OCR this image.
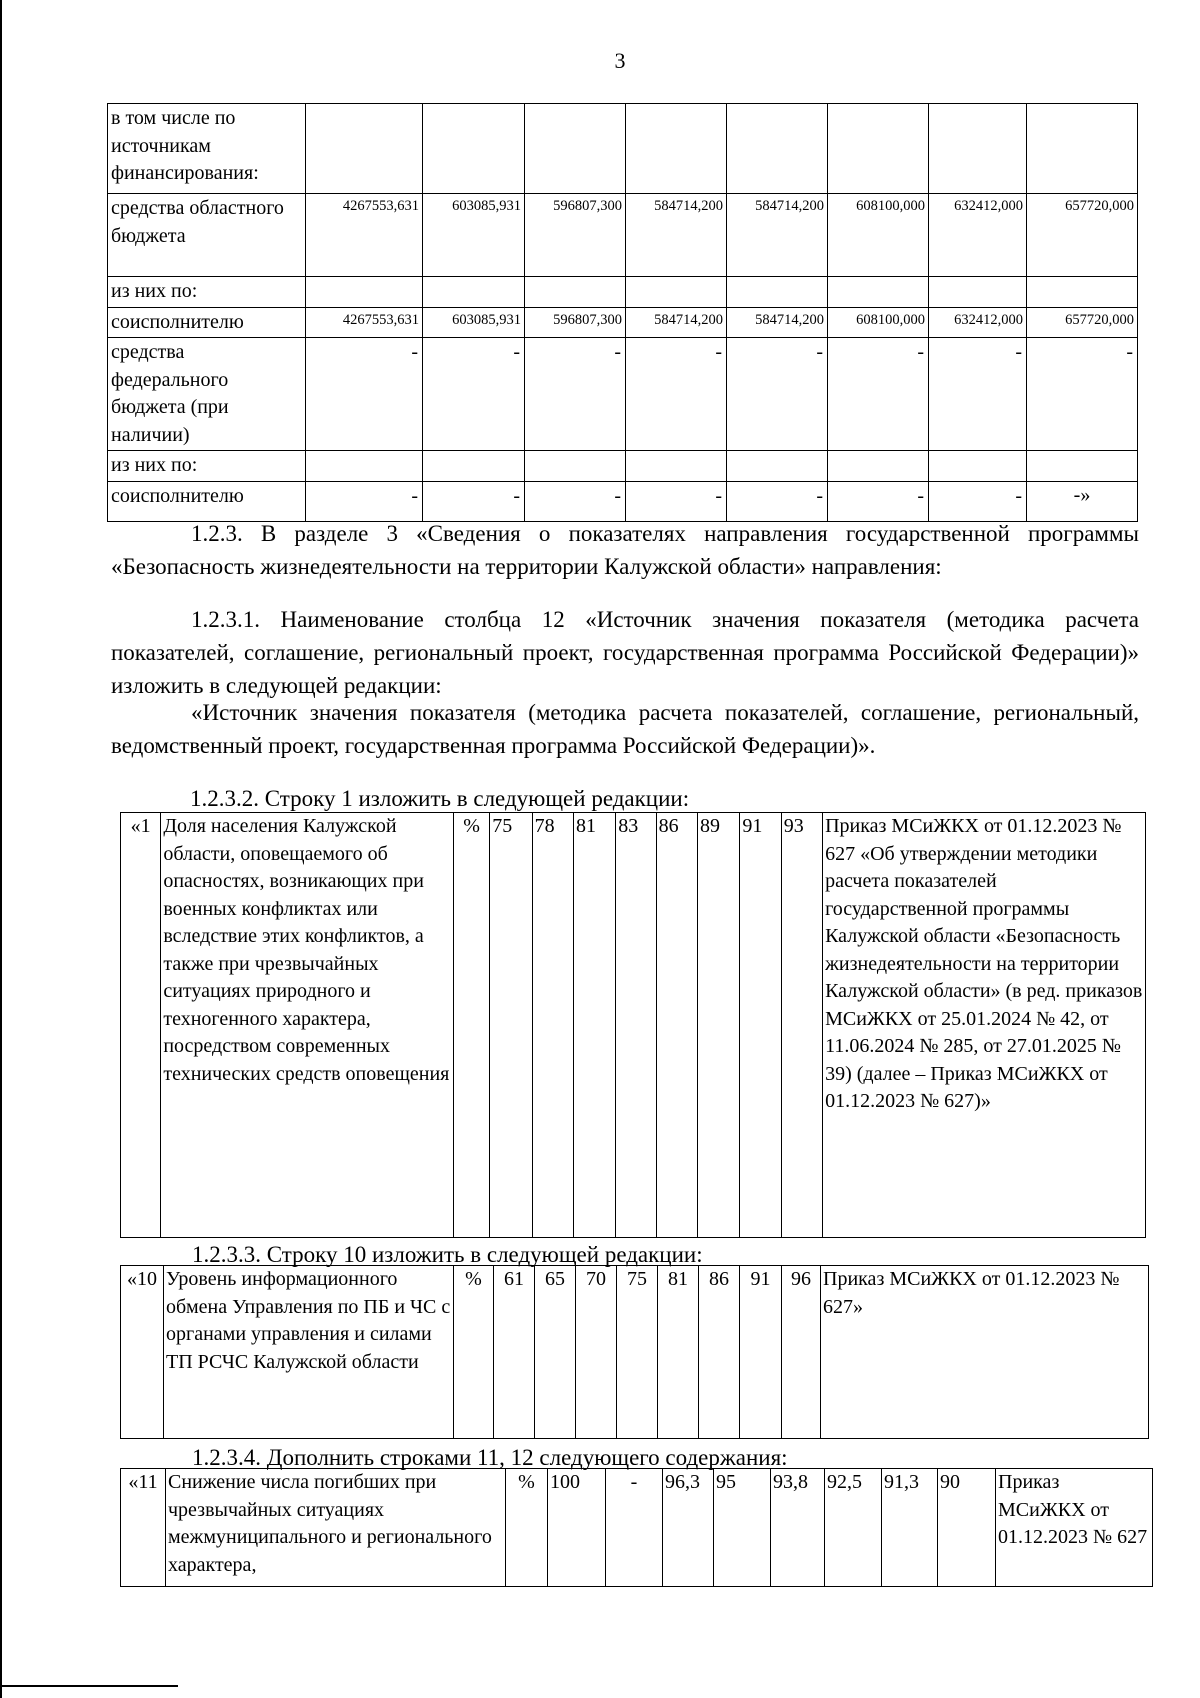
3
в том числе по источникам финансирования:								
средства областного бюджета	4267553,631	603085,931	596807,300	584714,200	584714,200	608100,000	632412,000	657720,000
из них по:								
соисполнителю	4267553,631	603085,931	596807,300	584714,200	584714,200	608100,000	632412,000	657720,000
средства федерального бюджета (при наличии)	-	-	-	-	-	-	-	-
из них по:								
соисполнителю	-	-	-	-	-	-	-	-»
1.2.3. В разделе 3 «Сведения о показателях направления государственной программы «Безопасность жизнедеятельности на территории Калужской области» направления:
1.2.3.1. Наименование столбца 12 «Источник значения показателя (методика расчета показателей, соглашение, региональный проект, государственная программа Российской Федерации)» изложить в следующей редакции:
«Источник значения показателя (методика расчета показателей, соглашение, региональный, ведомственный проект, государственная программа Российской Федерации)».
1.2.3.2. Строку 1 изложить в следующей редакции:
«1	Доля населения Калужской области, оповещаемого об опасностях, возникающих при военных конфликтах или вследствие этих конфликтов, а также при чрезвычайных ситуациях природного и техногенного характера, посредством современных технических средств оповещения	%	75	78	81	83	86	89	91	93	Приказ МСиЖКХ от 01.12.2023 № 627 «Об утверждении методики расчета показателей государственной программы Калужской области «Безопасность жизнедеятельности на территории Калужской области» (в ред. приказов МСиЖКХ от 25.01.2024 № 42, от 11.06.2024 № 285, от 27.01.2025 № 39) (далее – Приказ МСиЖКХ от 01.12.2023 № 627)»
1.2.3.3. Строку 10 изложить в следующей редакции:
«10	Уровень информационного обмена Управления по ПБ и ЧС с органами управления и силами ТП РСЧС Калужской области	%	61	65	70	75	81	86	91	96	Приказ МСиЖКХ от 01.12.2023 № 627»
1.2.3.4. Дополнить строками 11, 12 следующего содержания:
«11	Снижение числа погибших при чрезвычайных ситуациях межмуниципального и регионального характера,	%	100	-	96,3	95	93,8	92,5	91,3	90	Приказ МСиЖКХ от 01.12.2023 № 627
